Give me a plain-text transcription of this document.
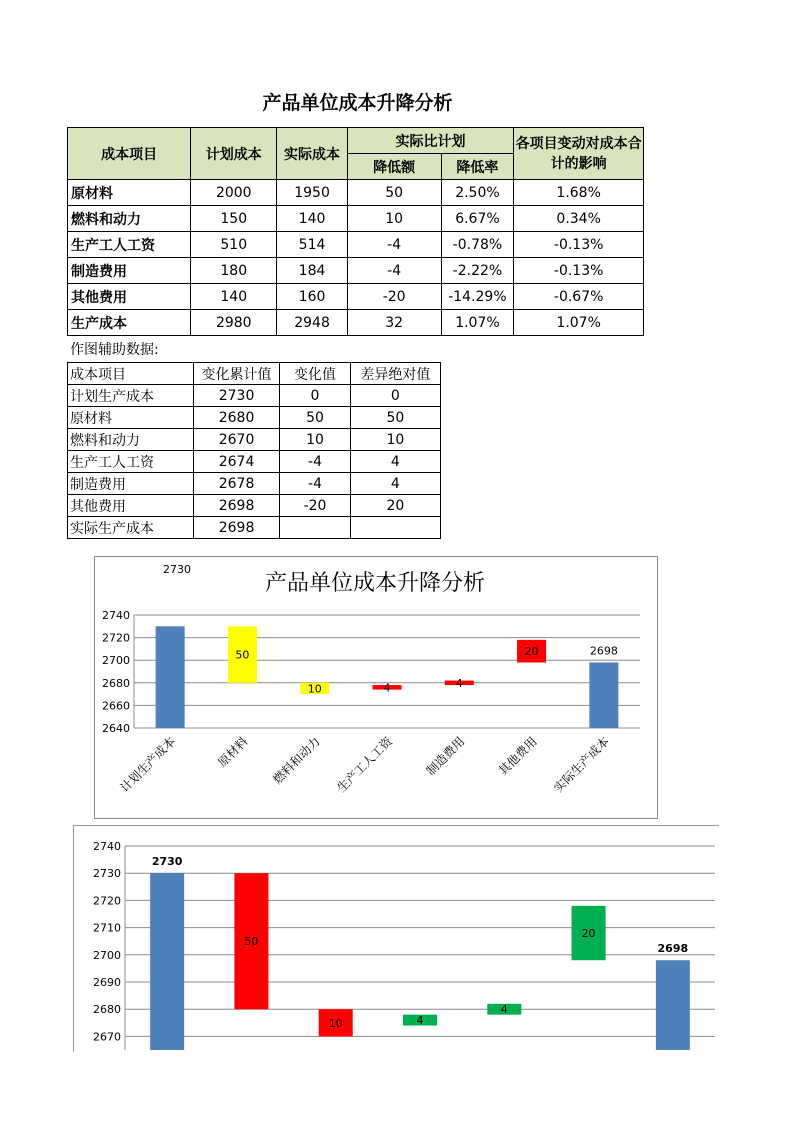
产品单位成本升降分析
成本项目	计划成本	实际成本	实际比计划		各项目变动对成本合计的影响
			降低额	降低率	
原材料	2000	1950	50	2.50%	1.68%
燃料和动力	150	140	10	6.67%	0.34%
生产工人工资	510	514	-4	-0.78%	-0.13%
制造费用	180	184	-4	-2.22%	-0.13%
其他费用	140	160	-20	-14.29%	-0.67%
生产成本	2980	2948	32	1.07%	1.07%
作图辅助数据:
成本项目	变化累计值	变化值	差异绝对值
计划生产成本	2730	0	0
原材料	2680	50	50
燃料和动力	2670	10	10
生产工人工资	2674	-4	4
制造费用	2678	-4	4
其他费用	2698	-20	20
实际生产成本	2698		
2640
2660
2680
2700
2720
2740
产品单位成本升降分析
2730
计划生产成本
50
原材料
10
燃料和动力
4
生产工人工资
4
制造费用
20
其他费用
2698
实际生产成本
2670
2680
2690
2700
2710
2720
2730
2740
2730
50
10	4
4
20
2698
